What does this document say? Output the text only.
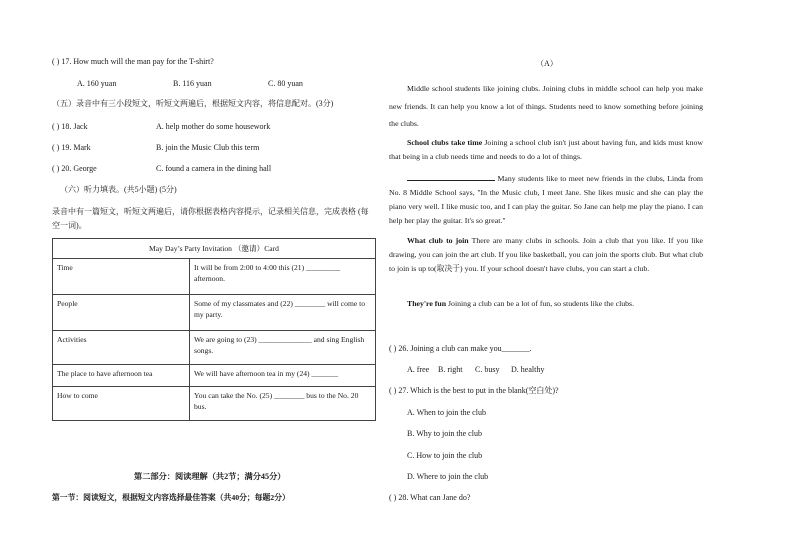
( ) 17. How much will the man pay for the T-shirt?
A. 160 yuan	B. 116 yuan	C. 80 yuan
（五）录音中有三小段短文，听短文两遍后，根据短文内容，将信息配对。(3分)
( ) 18. Jack	A. help mother do some housework
( ) 19. Mark	B. join the Music Club this term
( ) 20. George	C. found a camera in the dining hall
（六）听力填表。(共5小题) (5分)
录音中有一篇短文，听短文两遍后，请你根据表格内容提示，记录相关信息，完成表格 (每
空一词)。
May Day’s Party Invitation （邀请）Card	
Time	It will be from 2:00 to 4:00 this (21) _________ afternoon.
People	Some of my classmates and (22) ________ will come to my party.
Activities	We are going to (23) ______________ and sing English songs.
The place to have afternoon tea	We will have afternoon tea in my (24) _______
How to come	You can take the No. (25) ________ bus to the No. 20 bus.
第二部分：阅读理解（共2节；满分45分）
第一节：阅读短文，根据短文内容选择最佳答案（共40分；每题2分）
（A）
Middle school students like joining clubs. Joining clubs in middle school can help you make new friends. It can help you know a lot of things. Students need to know something before joining the clubs.
School clubs take time Joining a school club isn't just about having fun, and kids must know that being in a club needs time and needs to do a lot of things.
Many students like to meet new friends in the clubs, Linda from No. 8 Middle School says, "In the Music club, I meet Jane. She likes music and she can play the piano very well. I like music too, and I can play the guitar. So Jane can help me play the piano. I can help her play the guitar. It's so great."
What club to join There are many clubs in schools. Join a club that you like. If you like drawing, you can join the art club. If you like basketball, you can join the sports club. But what club to join is up to(取决于) you. If your school doesn't have clubs, you can start a club.
They're fun Joining a club can be a lot of fun, so students like the clubs.
( ) 26. Joining a club can make you_______.
A. free B. right C. busy D. healthy
( ) 27. Which is the best to put in the blank(空白处)?
A. When to join the club
B. Why to join the club
C. How to join the club
D. Where to join the club
( ) 28. What can Jane do?
